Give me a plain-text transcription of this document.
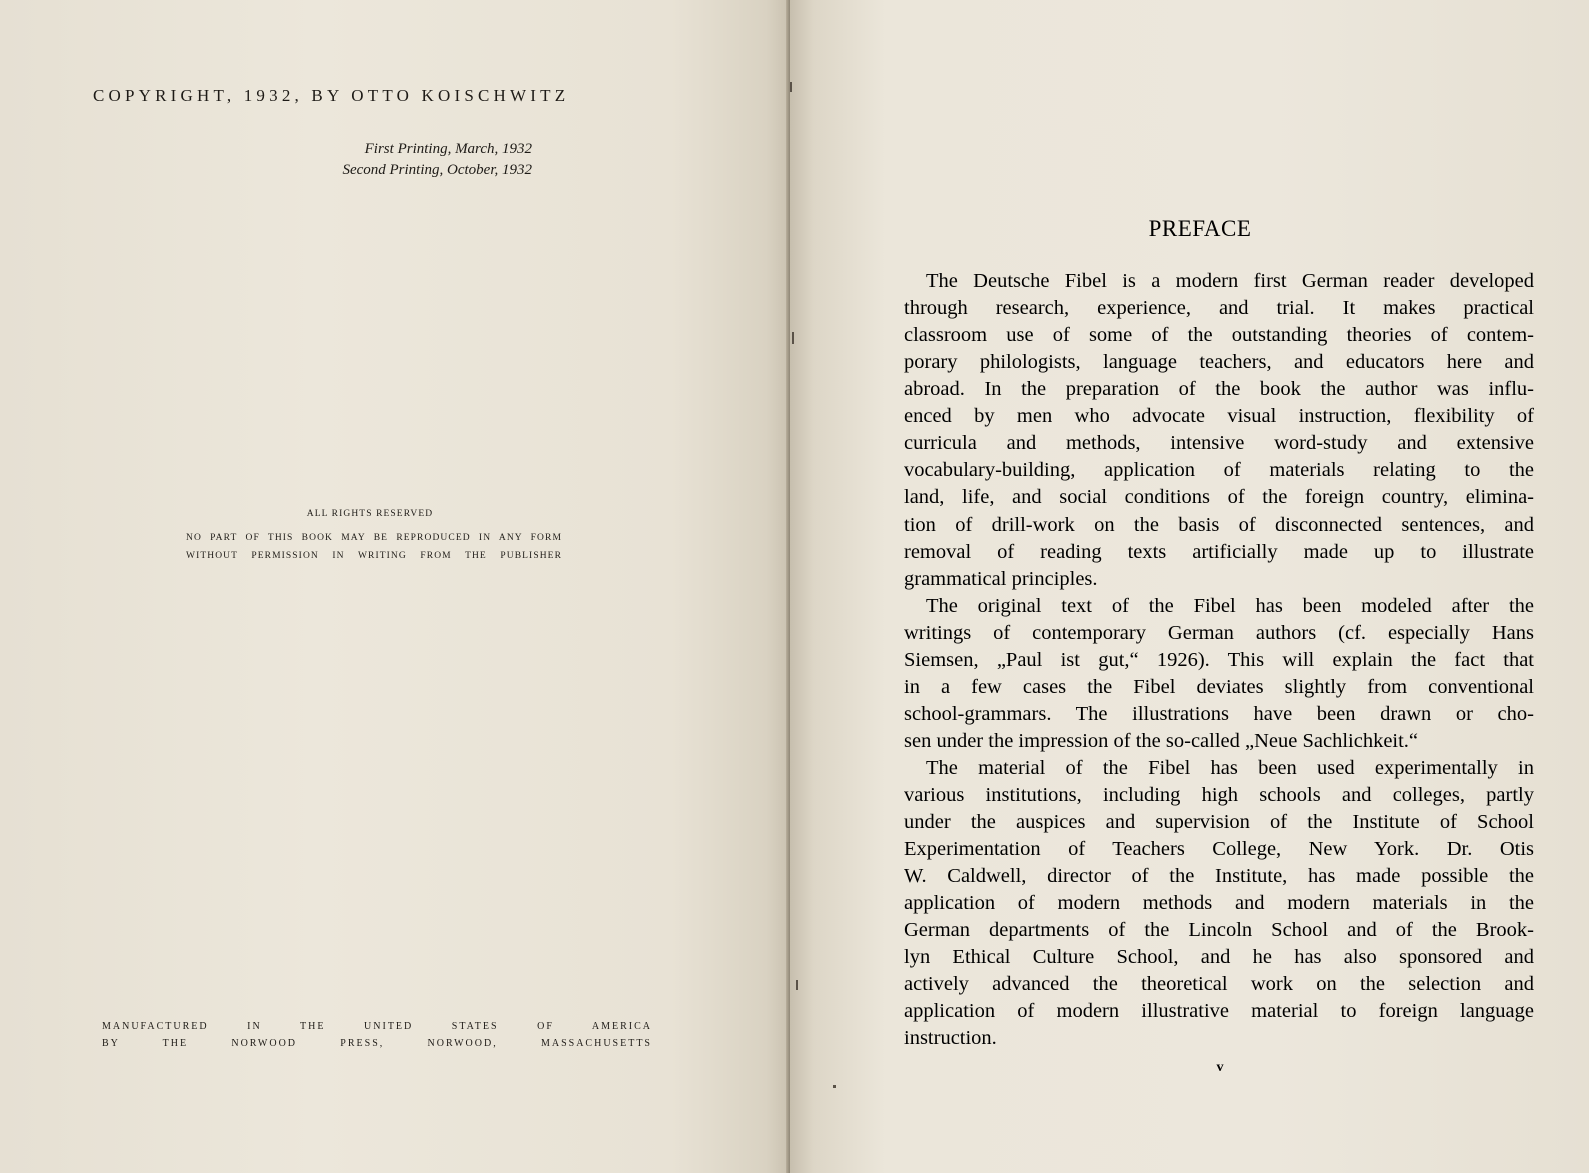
COPYRIGHT, 1932, BY OTTO KOISCHWITZ
First Printing, March, 1932
Second Printing, October, 1932
ALL RIGHTS RESERVED
NO PART OF THIS BOOK MAY BE REPRODUCED IN ANY FORM
WITHOUT PERMISSION IN WRITING FROM THE PUBLISHER
MANUFACTURED IN THE UNITED STATES OF AMERICA
BY THE NORWOOD PRESS, NORWOOD, MASSACHUSETTS
PREFACE
The Deutsche Fibel is a modern first German reader developed
through research, experience, and trial. It makes practical
classroom use of some of the outstanding theories of contem-
porary philologists, language teachers, and educators here and
abroad. In the preparation of the book the author was influ-
enced by men who advocate visual instruction, flexibility of
curricula and methods, intensive word-study and extensive
vocabulary-building, application of materials relating to the
land, life, and social conditions of the foreign country, elimina-
tion of drill-work on the basis of disconnected sentences, and
removal of reading texts artificially made up to illustrate
grammatical principles.
The original text of the Fibel has been modeled after the
writings of contemporary German authors (cf. especially Hans
Siemsen, „Paul ist gut,“ 1926). This will explain the fact that
in a few cases the Fibel deviates slightly from conventional
school-grammars. The illustrations have been drawn or cho-
sen under the impression of the so-called „Neue Sachlichkeit.“
The material of the Fibel has been used experimentally in
various institutions, including high schools and colleges, partly
under the auspices and supervision of the Institute of School
Experimentation of Teachers College, New York. Dr. Otis
W. Caldwell, director of the Institute, has made possible the
application of modern methods and modern materials in the
German departments of the Lincoln School and of the Brook-
lyn Ethical Culture School, and he has also sponsored and
actively advanced the theoretical work on the selection and
application of modern illustrative material to foreign language
instruction.
v
